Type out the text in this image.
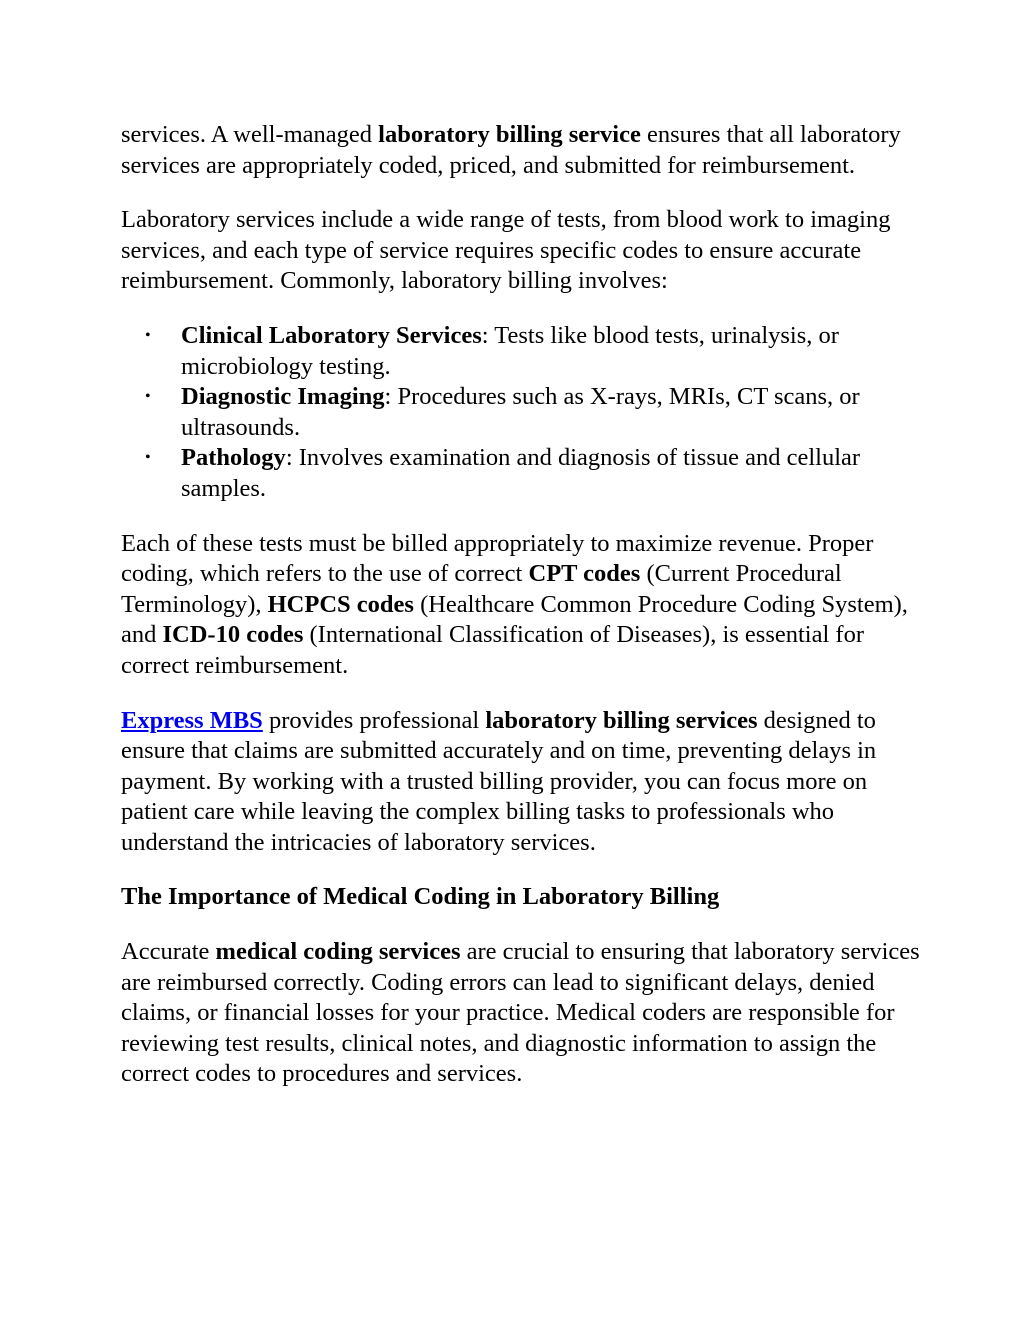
services. A well-managed laboratory billing service ensures that all laboratory services are appropriately coded, priced, and submitted for reimbursement.

Laboratory services include a wide range of tests, from blood work to imaging services, and each type of service requires specific codes to ensure accurate reimbursement. Commonly, laboratory billing involves:

• Clinical Laboratory Services: Tests like blood tests, urinalysis, or microbiology testing.
• Diagnostic Imaging: Procedures such as X-rays, MRIs, CT scans, or ultrasounds.
• Pathology: Involves examination and diagnosis of tissue and cellular samples.

Each of these tests must be billed appropriately to maximize revenue. Proper coding, which refers to the use of correct CPT codes (Current Procedural Terminology), HCPCS codes (Healthcare Common Procedure Coding System), and ICD-10 codes (International Classification of Diseases), is essential for correct reimbursement.

Express MBS provides professional laboratory billing services designed to ensure that claims are submitted accurately and on time, preventing delays in payment. By working with a trusted billing provider, you can focus more on patient care while leaving the complex billing tasks to professionals who understand the intricacies of laboratory services.

The Importance of Medical Coding in Laboratory Billing

Accurate medical coding services are crucial to ensuring that laboratory services are reimbursed correctly. Coding errors can lead to significant delays, denied claims, or financial losses for your practice. Medical coders are responsible for reviewing test results, clinical notes, and diagnostic information to assign the correct codes to procedures and services.
